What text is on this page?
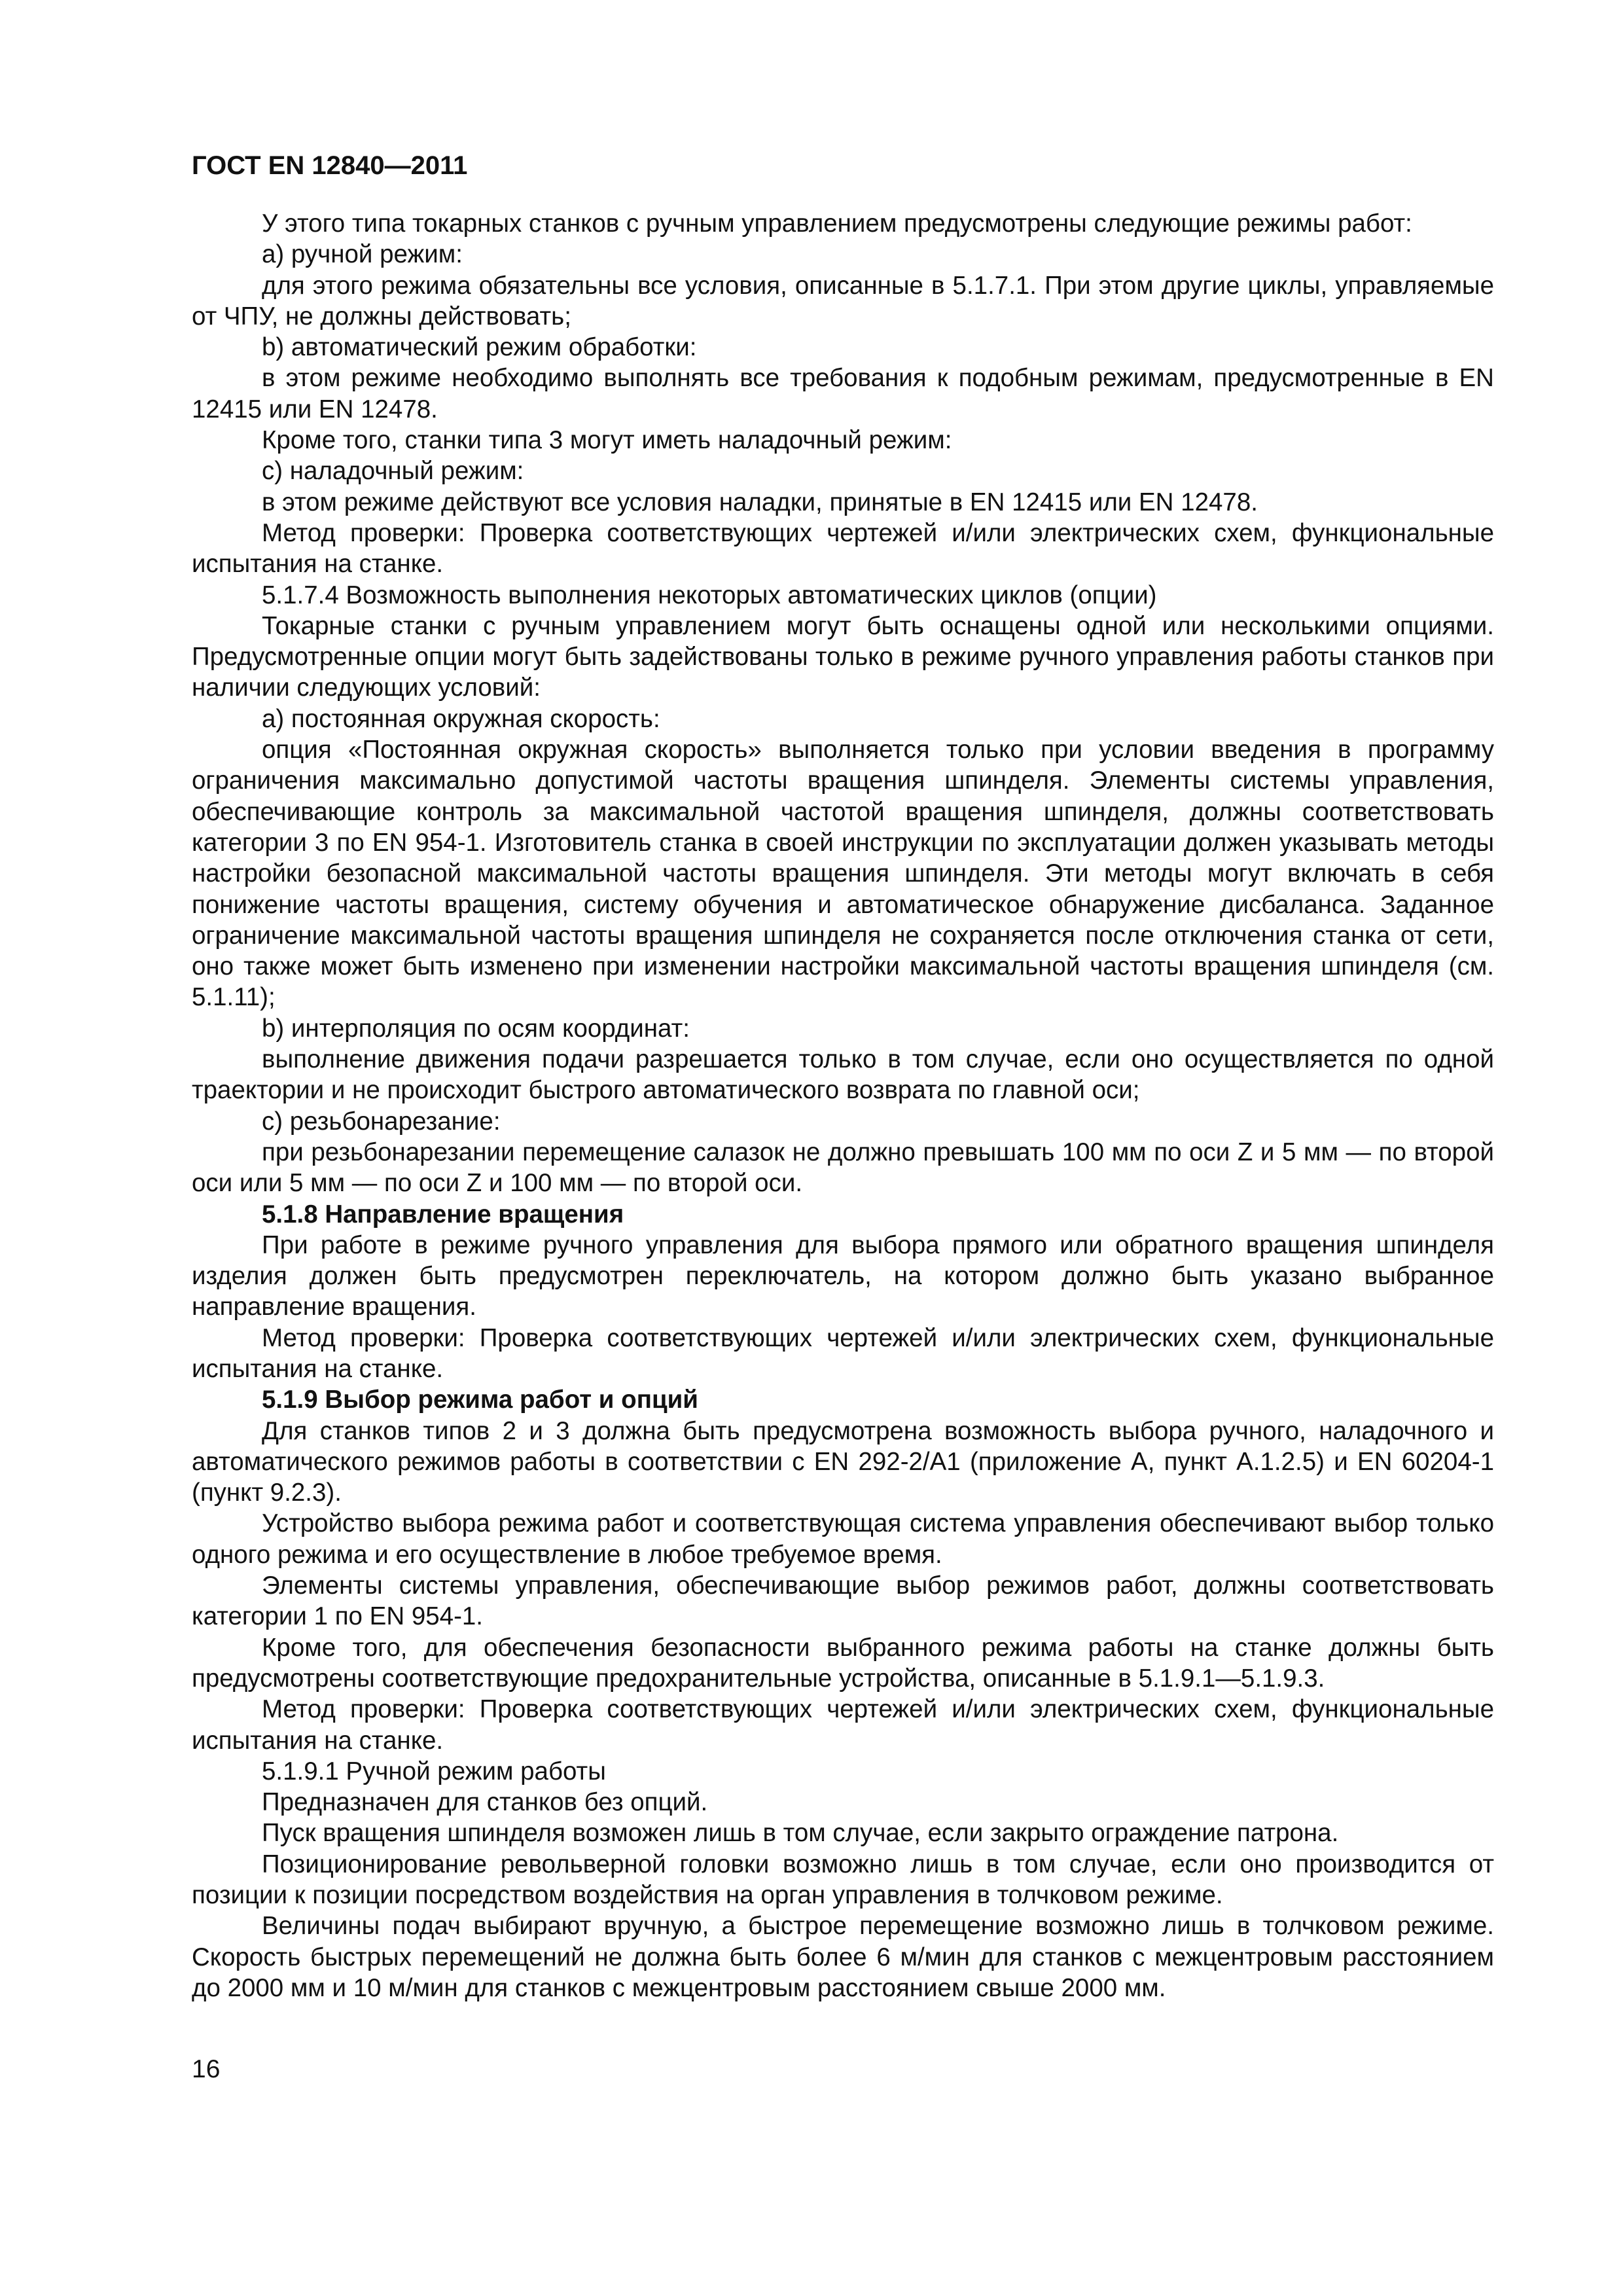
ГОСТ EN 12840—2011

У этого типа токарных станков с ручным управлением предусмотрены следующие режимы работ:

а) ручной режим:

для этого режима обязательны все условия, описанные в 5.1.7.1. При этом другие циклы, управляемые от ЧПУ, не должны действовать;

b) автоматический режим обработки:

в этом режиме необходимо выполнять все требования к подобным режимам, предусмотренные в EN 12415 или EN 12478.

Кроме того, станки типа 3 могут иметь наладочный режим:

с) наладочный режим:

в этом режиме действуют все условия наладки, принятые в EN 12415 или EN 12478.

Метод проверки: Проверка соответствующих чертежей и/или электрических схем, функциональные испытания на станке.

5.1.7.4 Возможность выполнения некоторых автоматических циклов (опции)

Токарные станки с ручным управлением могут быть оснащены одной или несколькими опциями. Предусмотренные опции могут быть задействованы только в режиме ручного управления работы станков при наличии следующих условий:

а) постоянная окружная скорость:

опция «Постоянная окружная скорость» выполняется только при условии введения в программу ограничения максимально допустимой частоты вращения шпинделя. Элементы системы управления, обеспечивающие контроль за максимальной частотой вращения шпинделя, должны соответствовать категории 3 по EN 954-1. Изготовитель станка в своей инструкции по эксплуатации должен указывать методы настройки безопасной максимальной частоты вращения шпинделя. Эти методы могут включать в себя понижение частоты вращения, систему обучения и автоматическое обнаружение дисбаланса. Заданное ограничение максимальной частоты вращения шпинделя не сохраняется после отключения станка от сети, оно также может быть изменено при изменении настройки максимальной частоты вращения шпинделя (см. 5.1.11);

b) интерполяция по осям координат:

выполнение движения подачи разрешается только в том случае, если оно осуществляется по одной траектории и не происходит быстрого автоматического возврата по главной оси;

с) резьбонарезание:

при резьбонарезании перемещение салазок не должно превышать 100 мм по оси Z и 5 мм — по второй оси или 5 мм — по оси Z и 100 мм — по второй оси.

5.1.8 Направление вращения

При работе в режиме ручного управления для выбора прямого или обратного вращения шпинделя изделия должен быть предусмотрен переключатель, на котором должно быть указано выбранное направление вращения.

Метод проверки: Проверка соответствующих чертежей и/или электрических схем, функциональные испытания на станке.

5.1.9 Выбор режима работ и опций

Для станков типов 2 и 3 должна быть предусмотрена возможность выбора ручного, наладочного и автоматического режимов работы в соответствии с EN 292-2/A1 (приложение А, пункт А.1.2.5) и EN 60204-1 (пункт 9.2.3).

Устройство выбора режима работ и соответствующая система управления обеспечивают выбор только одного режима и его осуществление в любое требуемое время.

Элементы системы управления, обеспечивающие выбор режимов работ, должны соответствовать категории 1 по EN 954-1.

Кроме того, для обеспечения безопасности выбранного режима работы на станке должны быть предусмотрены соответствующие предохранительные устройства, описанные в 5.1.9.1—5.1.9.3.

Метод проверки: Проверка соответствующих чертежей и/или электрических схем, функциональные испытания на станке.

5.1.9.1 Ручной режим работы

Предназначен для станков без опций.

Пуск вращения шпинделя возможен лишь в том случае, если закрыто ограждение патрона.

Позиционирование револьверной головки возможно лишь в том случае, если оно производится от позиции к позиции посредством воздействия на орган управления в толчковом режиме.

Величины подач выбирают вручную, а быстрое перемещение возможно лишь в толчковом режиме. Скорость быстрых перемещений не должна быть более 6 м/мин для станков с межцентровым расстоянием до 2000 мм и 10 м/мин для станков с межцентровым расстоянием свыше 2000 мм.

16
